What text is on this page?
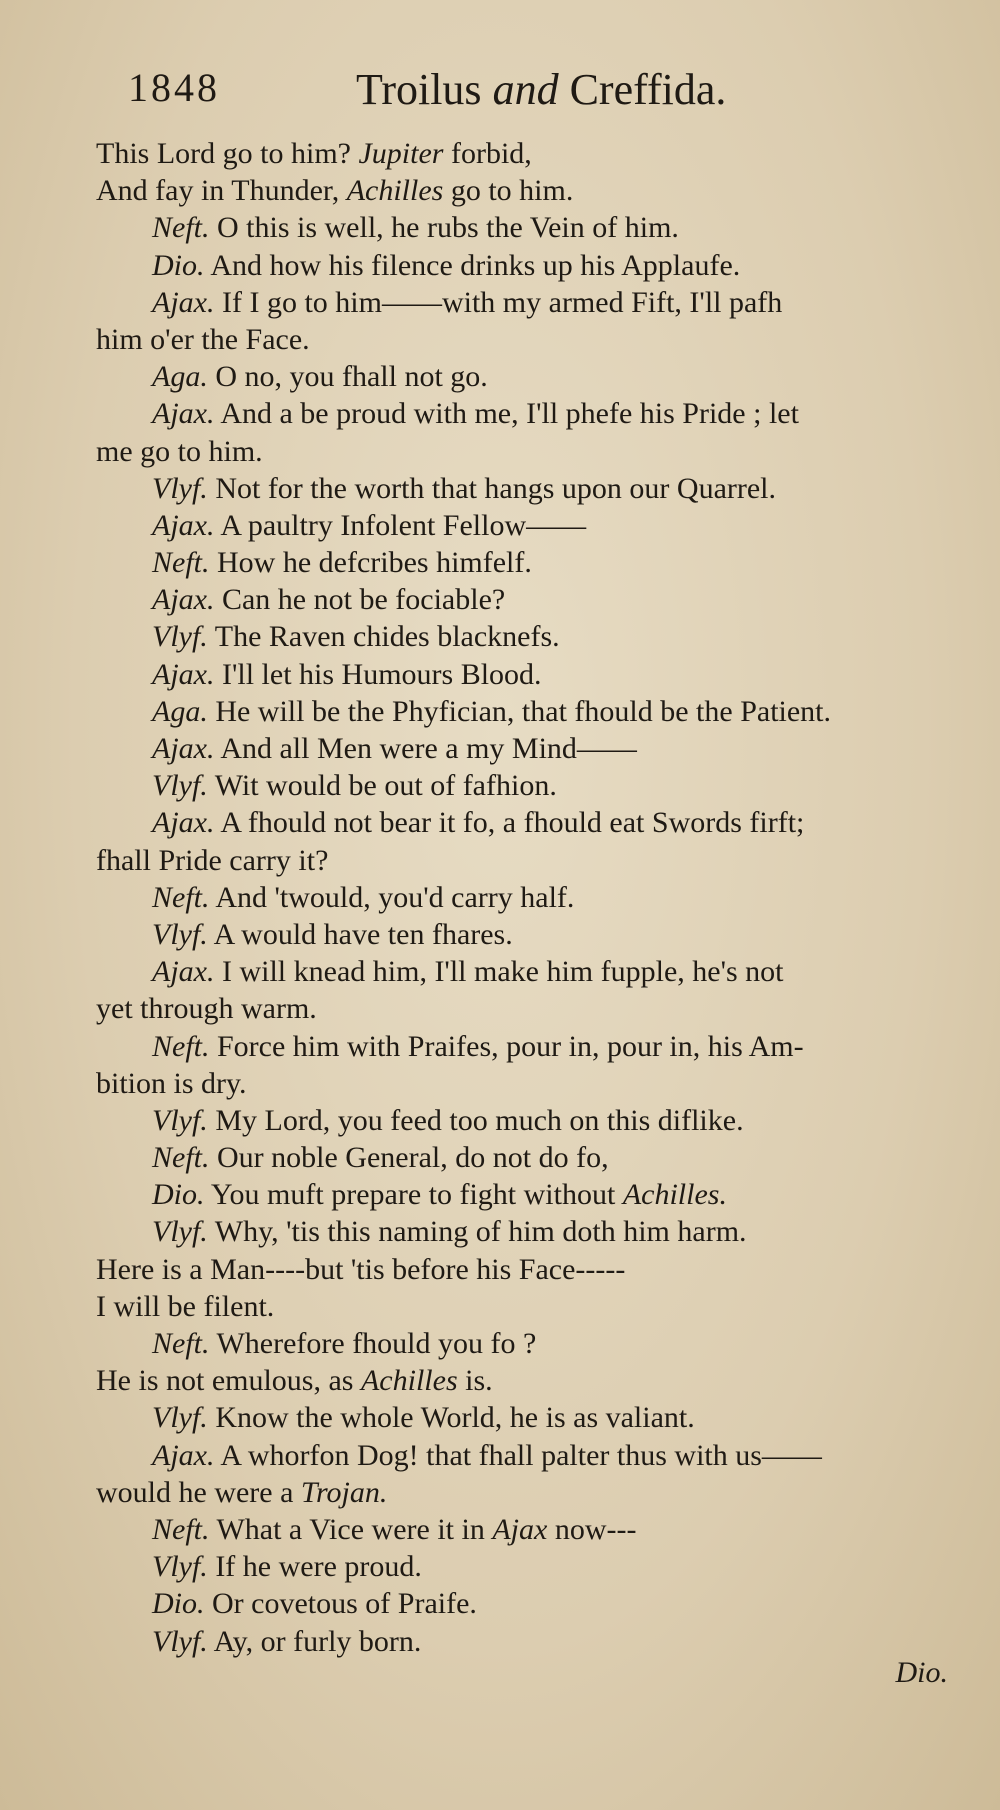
1848	Troilus and Creffida.
This Lord go to him? Jupiter forbid,
And fay in Thunder, Achilles go to him.
Neft. O this is well, he rubs the Vein of him.
Dio. And how his filence drinks up his Applaufe.
Ajax. If I go to him——with my armed Fift, I'll pafh
him o'er the Face.
Aga. O no, you fhall not go.
Ajax. And a be proud with me, I'll phefe his Pride ; let
me go to him.
Vlyf. Not for the worth that hangs upon our Quarrel.
Ajax. A paultry Infolent Fellow——
Neft. How he defcribes himfelf.
Ajax. Can he not be fociable?
Vlyf. The Raven chides blacknefs.
Ajax. I'll let his Humours Blood.
Aga. He will be the Phyfician, that fhould be the Patient.
Ajax. And all Men were a my Mind——
Vlyf. Wit would be out of fafhion.
Ajax. A fhould not bear it fo, a fhould eat Swords firft;
fhall Pride carry it?
Neft. And 'twould, you'd carry half.
Vlyf. A would have ten fhares.
Ajax. I will knead him, I'll make him fupple, he's not
yet through warm.
Neft. Force him with Praifes, pour in, pour in, his Am-
bition is dry.
Vlyf. My Lord, you feed too much on this diflike.
Neft. Our noble General, do not do fo,
Dio. You muft prepare to fight without Achilles.
Vlyf. Why, 'tis this naming of him doth him harm.
Here is a Man----but 'tis before his Face-----
I will be filent.
Neft. Wherefore fhould you fo ?
He is not emulous, as Achilles is.
Vlyf. Know the whole World, he is as valiant.
Ajax. A whorfon Dog! that fhall palter thus with us——
would he were a Trojan.
Neft. What a Vice were it in Ajax now---
Vlyf. If he were proud.
Dio. Or covetous of Praife.
Vlyf. Ay, or furly born.
Dio.
